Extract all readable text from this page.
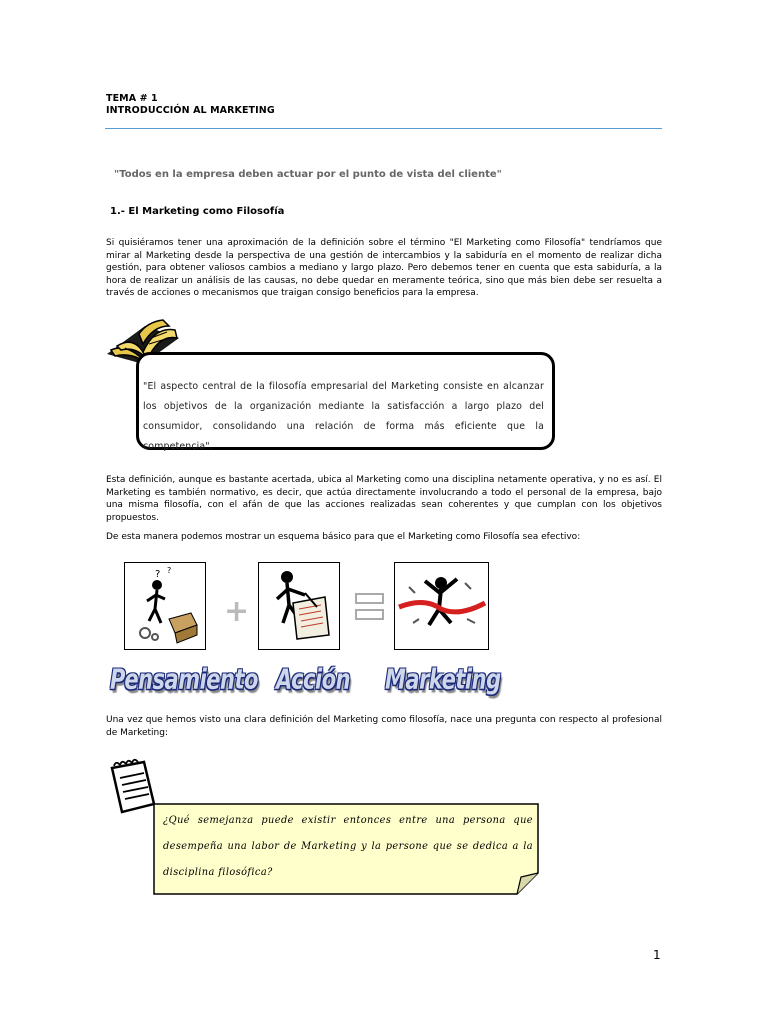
TEMA # 1
INTRODUCCIÓN AL MARKETING
"Todos en la empresa deben actuar por el punto de vista del cliente"
1.- El Marketing como Filosofía
Si quisiéramos tener una aproximación de la definición sobre el término "El Marketing como Filosofía" tendríamos que mirar al Marketing desde la perspectiva de una gestión de intercambios y la sabiduría en el momento de realizar dicha gestión, para obtener valiosos cambios a mediano y largo plazo. Pero debemos tener en cuenta que esta sabiduría, a la hora de realizar un análisis de las causas, no debe quedar en meramente teórica, sino que más bien debe ser resuelta a través de acciones o mecanismos que traigan consigo beneficios para la empresa.
"El aspecto central de la filosofía empresarial del Marketing consiste en alcanzar los objetivos de la organización mediante la satisfacción a largo plazo del consumidor, consolidando una relación de forma más eficiente que la competencia".
Esta definición, aunque es bastante acertada, ubica al Marketing como una disciplina netamente operativa, y no es así. El Marketing es también normativo, es decir, que actúa directamente involucrando a todo el personal de la empresa, bajo una misma filosofía, con el afán de que las acciones realizadas sean coherentes y que cumplan con los objetivos propuestos.
De esta manera podemos mostrar un esquema básico para que el Marketing como Filosofía sea efectivo:
? ?
+
Pensamiento Acción Marketing
Una vez que hemos visto una clara definición del Marketing como filosofía, nace una pregunta con respecto al profesional de Marketing:
¿Qué semejanza puede existir entonces entre una persona que desempeña una labor de Marketing y la persone que se dedica a la disciplina filosófica?
1
